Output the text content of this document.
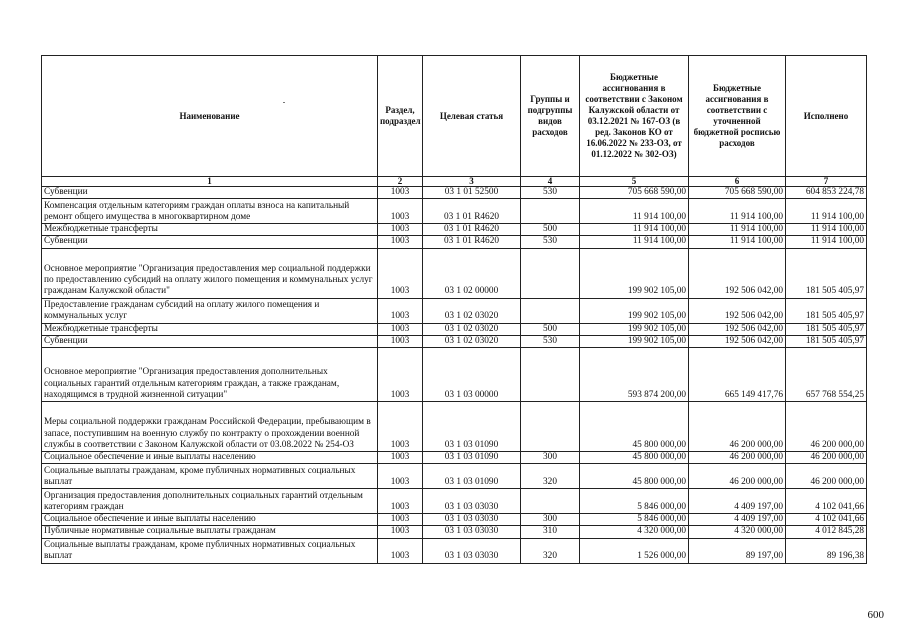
Наименование	Раздел, подраздел	Целевая статья	Группы и подгруппы видов расходов	Бюджетные ассигнования в соответствии с Законом Калужской области от 03.12.2021 № 167-ОЗ (в ред. Законов КО от 16.06.2022 № 233-ОЗ, от 01.12.2022 № 302-ОЗ)	Бюджетные ассигнования в соответствии с уточненной бюджетной росписью расходов	Исполнено
1	2	3	4	5	6	7
Субвенции	1003	03 1 01 52500	530	705 668 590,00	705 668 590,00	604 853 224,78
Компенсация отдельным категориям граждан оплаты взноса на капитальный ремонт общего имущества в многоквартирном доме	1003	03 1 01 R4620		11 914 100,00	11 914 100,00	11 914 100,00
Межбюджетные трансферты	1003	03 1 01 R4620	500	11 914 100,00	11 914 100,00	11 914 100,00
Субвенции	1003	03 1 01 R4620	530	11 914 100,00	11 914 100,00	11 914 100,00
Основное мероприятие "Организация предоставления мер социальной поддержки по предоставлению субсидий на оплату жилого помещения и коммунальных услуг гражданам Калужской области"	1003	03 1 02 00000		199 902 105,00	192 506 042,00	181 505 405,97
Предоставление гражданам субсидий на оплату жилого помещения и коммунальных услуг	1003	03 1 02 03020		199 902 105,00	192 506 042,00	181 505 405,97
Межбюджетные трансферты	1003	03 1 02 03020	500	199 902 105,00	192 506 042,00	181 505 405,97
Субвенции	1003	03 1 02 03020	530	199 902 105,00	192 506 042,00	181 505 405,97
Основное мероприятие "Организация предоставления дополнительных социальных гарантий отдельным категориям граждан, а также гражданам, находящимся в трудной жизненной ситуации"	1003	03 1 03 00000		593 874 200,00	665 149 417,76	657 768 554,25
Меры социальной поддержки гражданам Российской Федерации, пребывающим в запасе, поступившим на военную службу по контракту о прохождении военной службы в соответствии с Законом Калужской области от 03.08.2022 № 254-ОЗ	1003	03 1 03 01090		45 800 000,00	46 200 000,00	46 200 000,00
Социальное обеспечение и иные выплаты населению	1003	03 1 03 01090	300	45 800 000,00	46 200 000,00	46 200 000,00
Социальные выплаты гражданам, кроме публичных нормативных социальных выплат	1003	03 1 03 01090	320	45 800 000,00	46 200 000,00	46 200 000,00
Организация предоставления дополнительных социальных гарантий отдельным категориям граждан	1003	03 1 03 03030		5 846 000,00	4 409 197,00	4 102 041,66
Социальное обеспечение и иные выплаты населению	1003	03 1 03 03030	300	5 846 000,00	4 409 197,00	4 102 041,66
Публичные нормативные социальные выплаты гражданам	1003	03 1 03 03030	310	4 320 000,00	4 320 000,00	4 012 845,28
Социальные выплаты гражданам, кроме публичных нормативных социальных выплат	1003	03 1 03 03030	320	1 526 000,00	89 197,00	89 196,38
600
